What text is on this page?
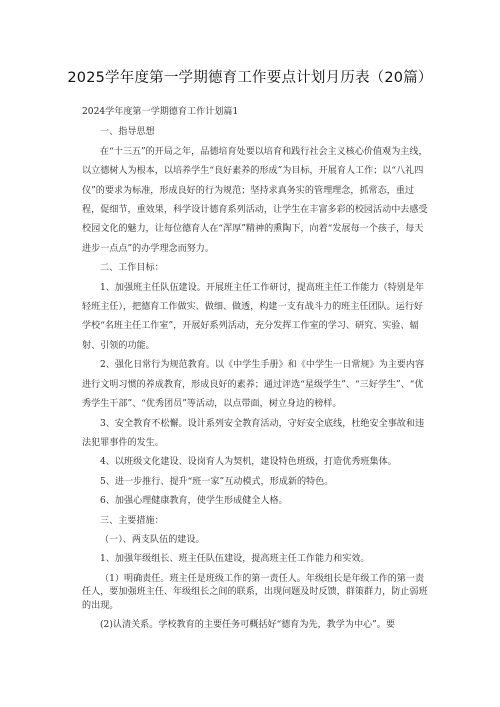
2025学年度第一学期德育工作要点计划月历表（20篇）

2024学年度第一学期德育工作计划篇1

一、指导思想

在“十三五”的开局之年，品德培育处要以培育和践行社会主义核心价值观为主线，以立德树人为根本，以培养学生“良好素养的形成”为目标，开展育人工作；以“八礼四仪”的要求为标准，形成良好的行为规范；坚持求真务实的管理理念，抓常态，重过程，促细节，重效果，科学设计德育系列活动，让学生在丰富多彩的校园活动中去感受校园文化的魅力，让每位德育人在“浑厚”精神的熏陶下，向着“发展每一个孩子，每天进步一点点”的办学理念而努力。

二、工作目标：

1、加强班主任队伍建设。开展班主任工作研讨，提高班主任工作能力（特别是年轻班主任），把德育工作做实、做细、做透，构建一支有战斗力的班主任团队。运行好学校“名班主任工作室”，开展好系列活动，充分发挥工作室的学习、研究、实验、辐射、引领的功能。

2、强化日常行为规范教育。以《中学生手册》和《中学生一日常规》为主要内容进行文明习惯的养成教育，形成良好的素养；通过评选“星级学生”、“三好学生”、“优秀学生干部”、“优秀团员”等活动，以点带面，树立身边的榜样。

3、安全教育不松懈。设计系列安全教育活动，守好安全底线，杜绝安全事故和违法犯罪事件的发生。

4、以班级文化建设、设岗育人为契机，建设特色班级，打造优秀班集体。

5、进一步推行、提升“班一家”互动模式，形成新的特色。

6、加强心理健康教育，使学生形成健全人格。

三、主要措施：

（一）、两支队伍的建设。

1、加强年级组长、班主任队伍建设，提高班主任工作能力和实效。

（1）明确责任。班主任是班级工作的第一责任人。年级组长是年级工作的第一责任人，要加强班主任、年级组长之间的联系，出现问题及时反馈，群策群力，防止弱班的出现。

(2)认清关系。学校教育的主要任务可概括好“德育为先，教学为中心”。要
